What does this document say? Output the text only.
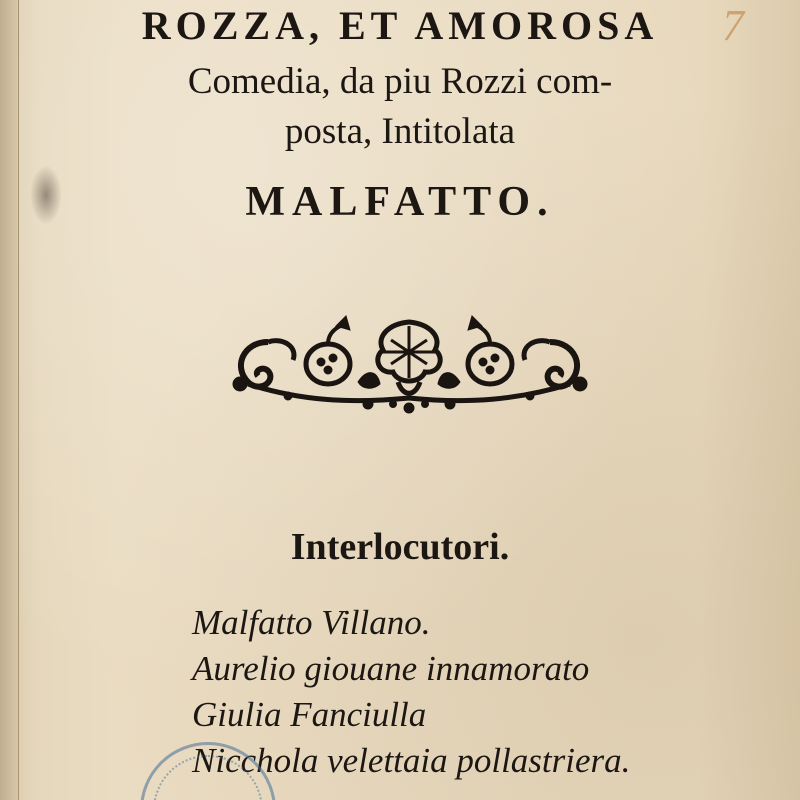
7
ROZZA, ET AMOROSA

Comedia, da piu Rozzi com-

posta, Intitolata

MALFATTO.
Interlocutori.
Malfatto Villano.
Aurelio giouane innamorato
Giulia Fanciulla
Nicchola velettaia pollastriera.
